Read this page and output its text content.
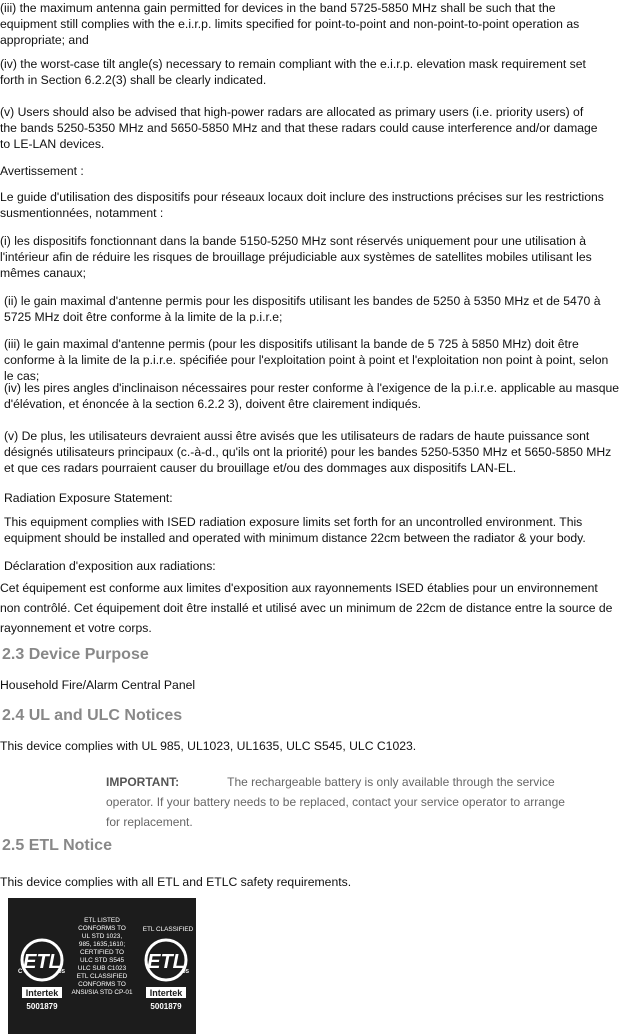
(iii) the maximum antenna gain permitted for devices in the band 5725-5850 MHz shall be such that the equipment still complies with the e.i.r.p. limits specified for point-to-point and non-point-to-point operation as appropriate; and

(iv) the worst-case tilt angle(s) necessary to remain compliant with the e.i.r.p. elevation mask requirement set forth in Section 6.2.2(3) shall be clearly indicated.

(v) Users should also be advised that high-power radars are allocated as primary users (i.e. priority users) of the bands 5250-5350 MHz and 5650-5850 MHz and that these radars could cause interference and/or damage to LE-LAN devices.

Avertissement :

Le guide d'utilisation des dispositifs pour réseaux locaux doit inclure des instructions précises sur les restrictions susmentionnées, notamment :

(i) les dispositifs fonctionnant dans la bande 5150-5250 MHz sont réservés uniquement pour une utilisation à l'intérieur afin de réduire les risques de brouillage préjudiciable aux systèmes de satellites mobiles utilisant les mêmes canaux;

(ii) le gain maximal d'antenne permis pour les dispositifs utilisant les bandes de 5250 à 5350 MHz et de 5470 à 5725 MHz doit être conforme à la limite de la p.i.r.e;

(iii) le gain maximal d'antenne permis (pour les dispositifs utilisant la bande de 5 725 à 5850 MHz) doit être conforme à la limite de la p.i.r.e. spécifiée pour l'exploitation point à point et l'exploitation non point à point, selon le cas;

(iv) les pires angles d'inclinaison nécessaires pour rester conforme à l'exigence de la p.i.r.e. applicable au masque d'élévation, et énoncée à la section 6.2.2 3), doivent être clairement indiqués.

(v) De plus, les utilisateurs devraient aussi être avisés que les utilisateurs de radars de haute puissance sont désignés utilisateurs principaux (c.-à-d., qu'ils ont la priorité) pour les bandes 5250-5350 MHz et 5650-5850 MHz et que ces radars pourraient causer du brouillage et/ou des dommages aux dispositifs LAN-EL.

Radiation Exposure Statement:

This equipment complies with ISED radiation exposure limits set forth for an uncontrolled environment. This equipment should be installed and operated with minimum distance 22cm between the radiator & your body.

Déclaration d'exposition aux radiations:

Cet équipement est conforme aux limites d'exposition aux rayonnements ISED établies pour un environnement non contrôlé. Cet équipement doit être installé et utilisé avec un minimum de 22cm de distance entre la source de rayonnement et votre corps.

2.3 Device Purpose

Household Fire/Alarm Central Panel

2.4 UL and ULC Notices

This device complies with UL 985, UL1023, UL1635, ULC S545, ULC C1023.

IMPORTANT:	The rechargeable battery is only available through the service operator. If your battery needs to be replaced, contact your service operator to arrange for replacement.
2.5 ETL Notice

This device complies with all ETL and ETLC safety requirements.

ETL
C	US
Intertek
5001879
ETL LISTED
CONFORMS TO
UL STD 1023,
985, 1635,1610;
CERTIFIED TO
ULC STD S545
ULC SUB C1023
ETL CLASSIFIED
CONFORMS TO
ANSI/SIA STD CP-01
ETL CLASSIFIED
ETL
US
Intertek
5001879
